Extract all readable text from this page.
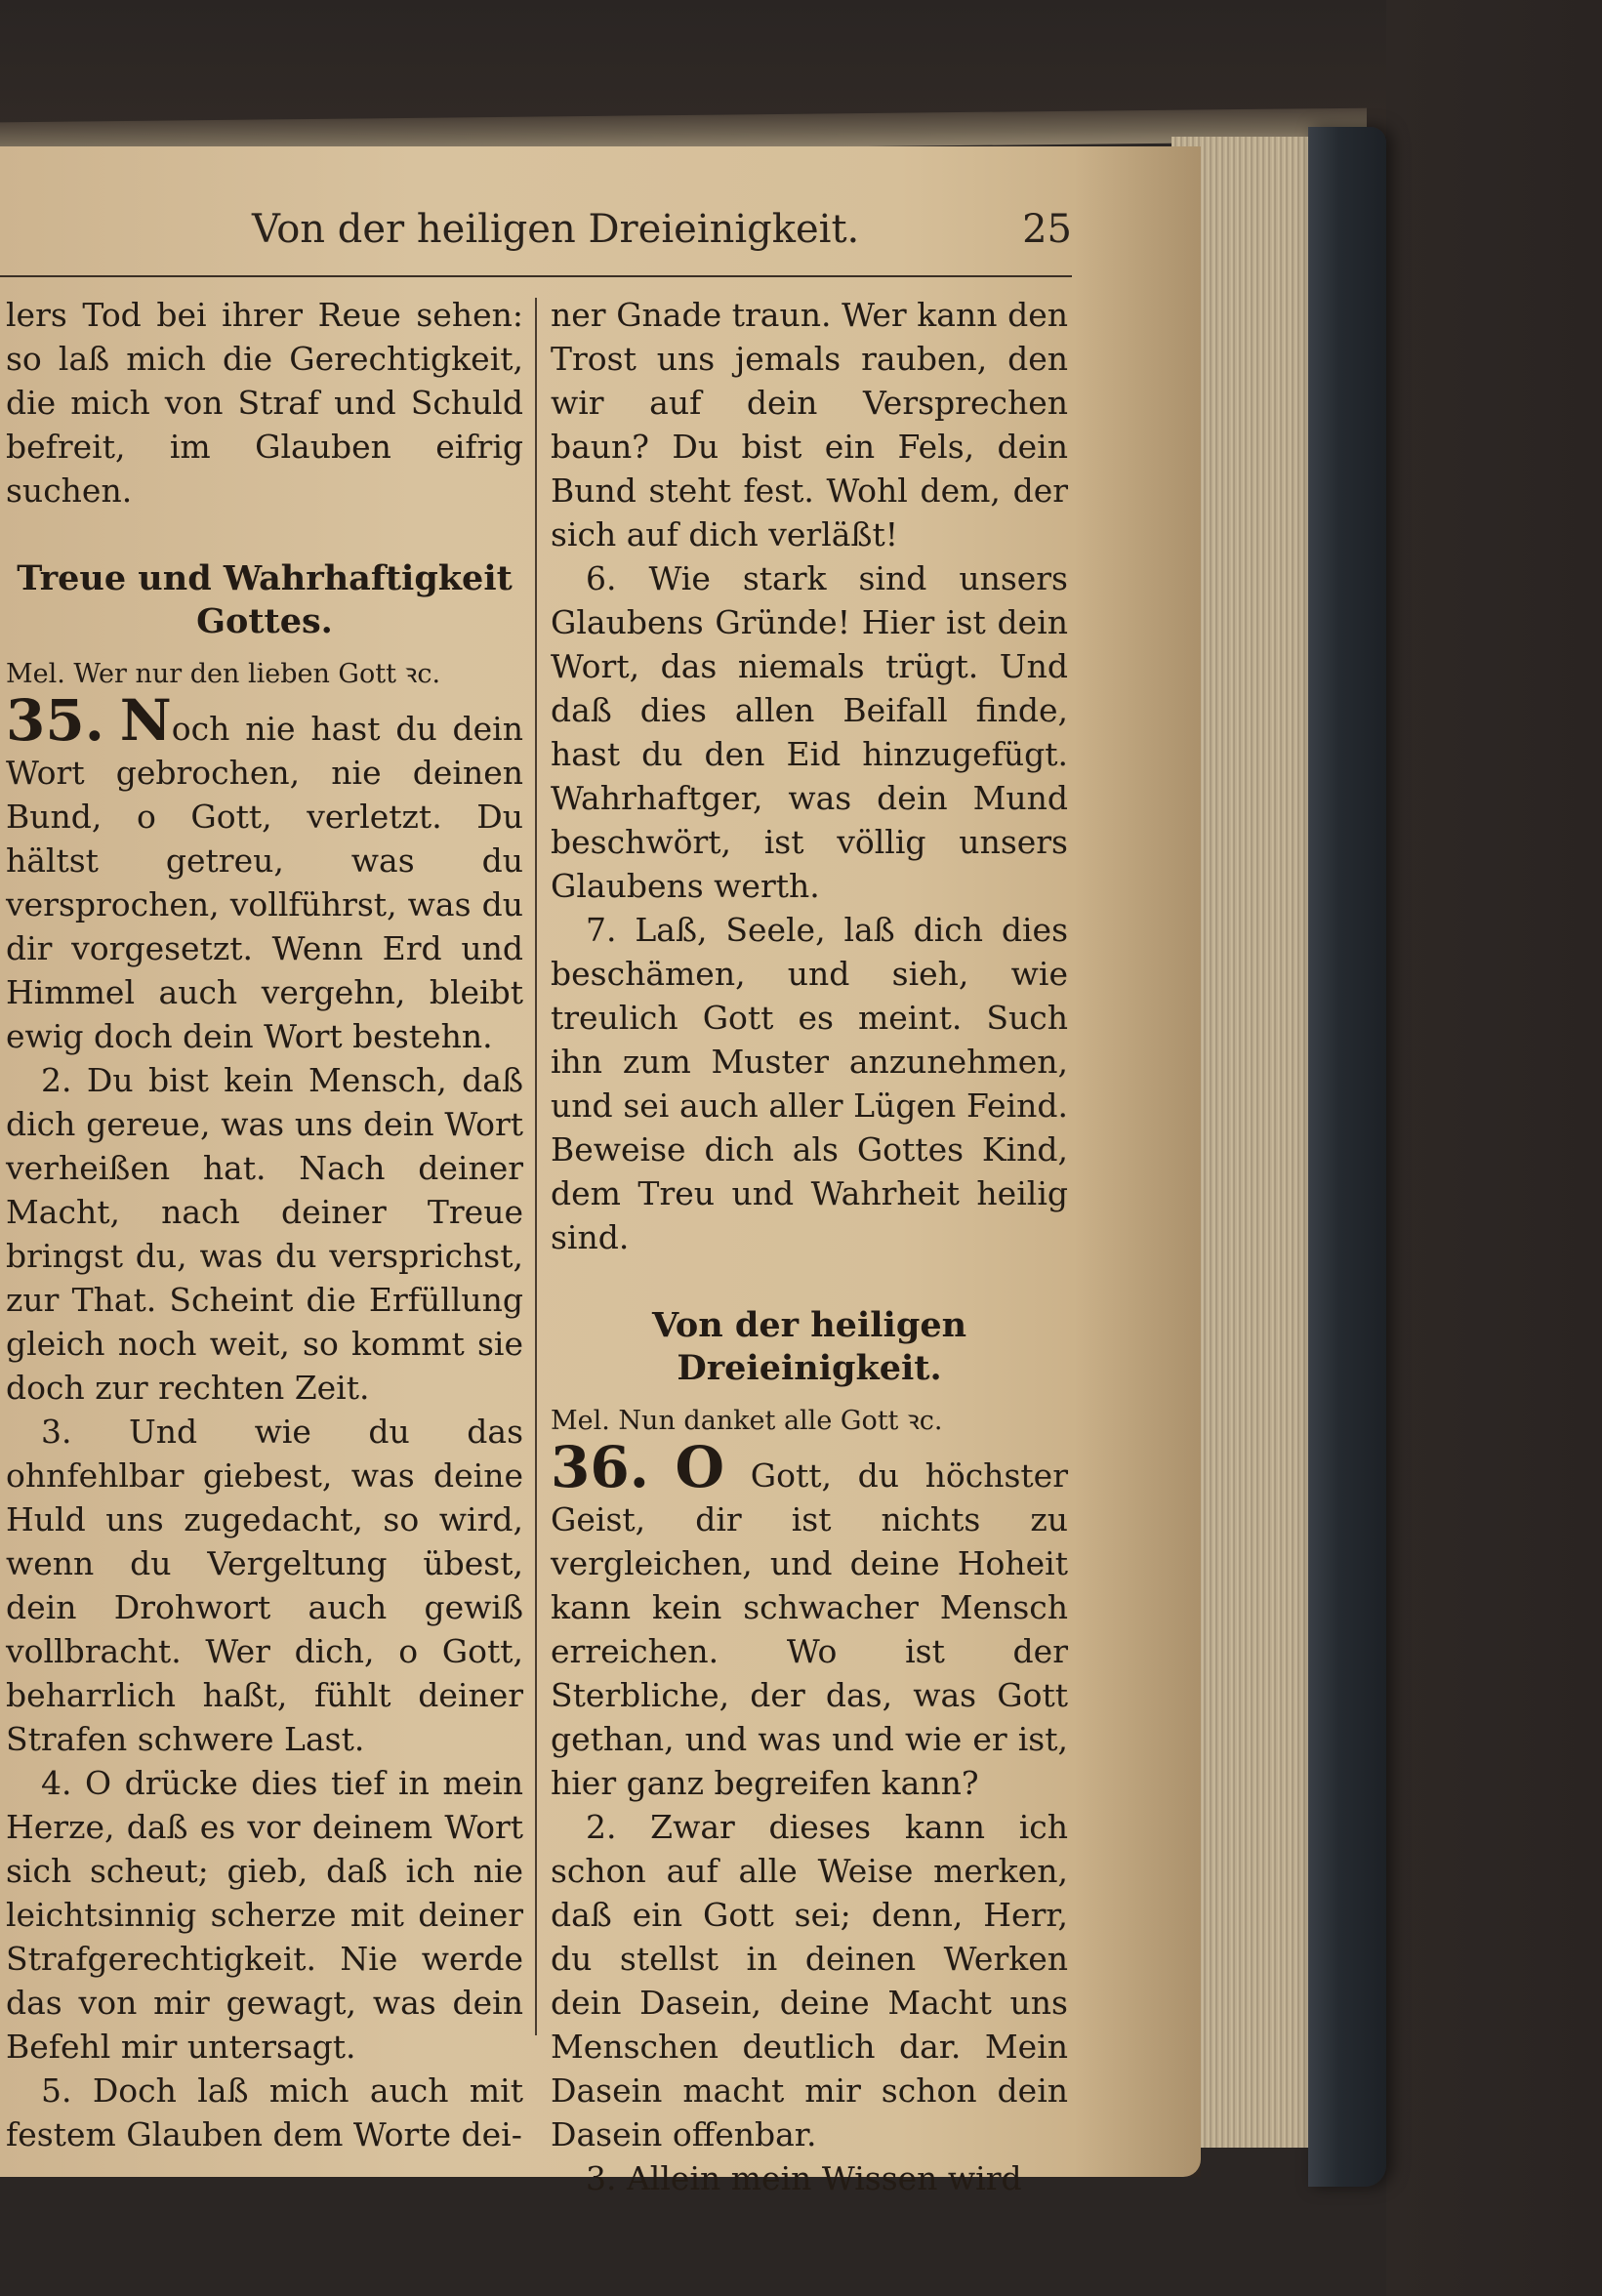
Von der heiligen Dreieinigkeit.	25

lers Tod bei ihrer Reue sehen: so laß mich die Gerechtigkeit, die mich von Straf und Schuld befreit, im Glauben eifrig suchen.

Treue und Wahrhaftigkeit Gottes.
Mel. Wer nur den lieben Gott ꝛc.

35. Noch nie hast du dein Wort gebrochen, nie deinen Bund, o Gott, verletzt. Du hältst getreu, was du versprochen, vollführst, was du dir vorgesetzt. Wenn Erd und Himmel auch vergehn, bleibt ewig doch dein Wort bestehn.

2. Du bist kein Mensch, daß dich gereue, was uns dein Wort verheißen hat. Nach deiner Macht, nach deiner Treue bringst du, was du versprichst, zur That. Scheint die Erfüllung gleich noch weit, so kommt sie doch zur rechten Zeit.

3. Und wie du das ohnfehlbar giebest, was deine Huld uns zugedacht, so wird, wenn du Vergeltung übest, dein Drohwort auch gewiß vollbracht. Wer dich, o Gott, beharrlich haßt, fühlt deiner Strafen schwere Last.

4. O drücke dies tief in mein Herze, daß es vor deinem Wort sich scheut; gieb, daß ich nie leichtsinnig scherze mit deiner Strafgerechtigkeit. Nie werde das von mir gewagt, was dein Befehl mir untersagt.

5. Doch laß mich auch mit festem Glauben dem Worte dei-

ner Gnade traun. Wer kann den Trost uns jemals rauben, den wir auf dein Versprechen baun? Du bist ein Fels, dein Bund steht fest. Wohl dem, der sich auf dich verläßt!

6. Wie stark sind unsers Glaubens Gründe! Hier ist dein Wort, das niemals trügt. Und daß dies allen Beifall finde, hast du den Eid hinzugefügt. Wahrhaftger, was dein Mund beschwört, ist völlig unsers Glaubens werth.

7. Laß, Seele, laß dich dies beschämen, und sieh, wie treulich Gott es meint. Such ihn zum Muster anzunehmen, und sei auch aller Lügen Feind. Beweise dich als Gottes Kind, dem Treu und Wahrheit heilig sind.

Von der heiligen Dreieinigkeit.
Mel. Nun danket alle Gott ꝛc.

36. O Gott, du höchster Geist, dir ist nichts zu vergleichen, und deine Hoheit kann kein schwacher Mensch erreichen. Wo ist der Sterbliche, der das, was Gott gethan, und was und wie er ist, hier ganz begreifen kann?

2. Zwar dieses kann ich schon auf alle Weise merken, daß ein Gott sei; denn, Herr, du stellst in deinen Werken dein Dasein, deine Macht uns Menschen deutlich dar. Mein Dasein macht mir schon dein Dasein offenbar.

3. Allein mein Wissen wird
